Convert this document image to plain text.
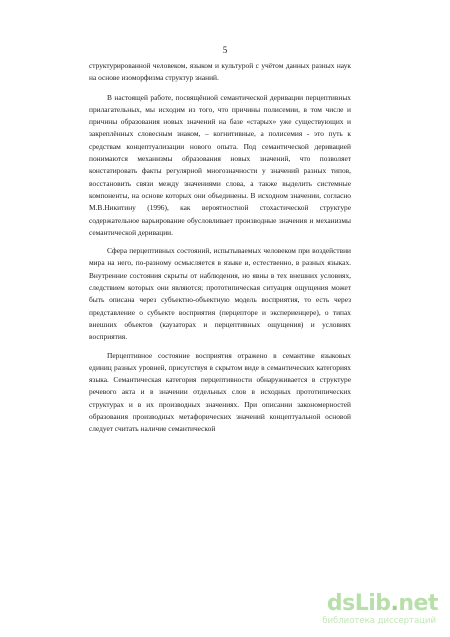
5

структурированной человеком, языком и культурой с учётом данных разных наук на основе изоморфизма структур знаний.

В настоящей работе, посвящённой семантической деривации перцептивных прилагательных, мы исходим из того, что причины полисемии, в том числе и причины образования новых значений на базе «старых» уже существующих и закреплённых словесным знаком, – когнитивные, а полисемия - это путь к средствам концептуализации нового опыта. Под семантической деривацией понимаются механизмы образования новых значений, что позволяет констатировать факты регулярной многозначности у значений разных типов, восстановить связи между значениями слова, а также выделить системные компоненты, на основе которых они объединены. В исходном значении, согласно М.В.Никитину (1996), как вероятностной стохастической структуре содержательное варьирование обусловливает производные значения и механизмы семантической деривации.

Сфера перцептивных состояний, испытываемых человеком при воздействии мира на него, по-разному осмысляется в языке и, естественно, в разных языках. Внутренние состояния скрыты от наблюдения, но явны в тех внешних условиях, следствием которых они являются; прототипическая ситуация ощущения может быть описана через субъектно-объектную модель восприятия, то есть через представление о субъекте восприятия (перцепторе и экспериенцере), о типах внешних объектов (каузаторах и перцептивных ощущения) и условиях восприятия.

Перцептивное состояние восприятия отражено в семантике языковых единиц разных уровней, присутствуя в скрытом виде в семантических категориях языка. Семантическая категория перцептивности обнаруживается в структуре речевого акта и в значении отдельных слов в исходных прототипических структурах и в их производных значениях. При описании закономерностей образования производных метафорических значений концептуальной основой следует считать наличие семантической

dsLib.net
библиотека диссертаций
